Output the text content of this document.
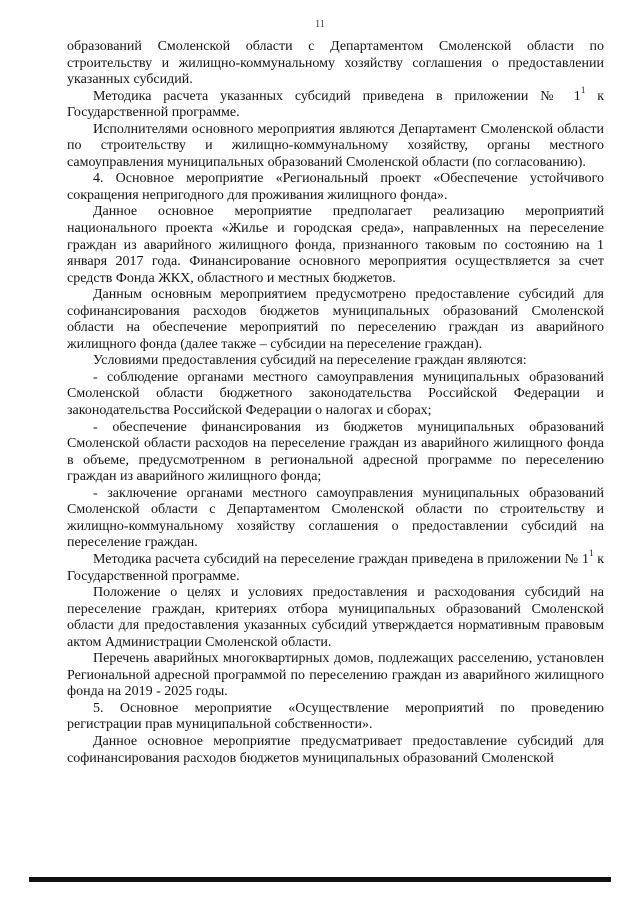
11

образований Смоленской области с Департаментом Смоленской области по строительству и жилищно-коммунальному хозяйству соглашения о предоставлении указанных субсидий.

Методика расчета указанных субсидий приведена в приложении № $1^1$ к Государственной программе.

Исполнителями основного мероприятия являются Департамент Смоленской области по строительству и жилищно-коммунальному хозяйству, органы местного самоуправления муниципальных образований Смоленской области (по согласованию).

4. Основное мероприятие «Региональный проект «Обеспечение устойчивого сокращения непригодного для проживания жилищного фонда».

Данное основное мероприятие предполагает реализацию мероприятий национального проекта «Жилье и городская среда», направленных на переселение граждан из аварийного жилищного фонда, признанного таковым по состоянию на 1 января 2017 года. Финансирование основного мероприятия осуществляется за счет средств Фонда ЖКХ, областного и местных бюджетов.

Данным основным мероприятием предусмотрено предоставление субсидий для софинансирования расходов бюджетов муниципальных образований Смоленской области на обеспечение мероприятий по переселению граждан из аварийного жилищного фонда (далее также – субсидии на переселение граждан).

Условиями предоставления субсидий на переселение граждан являются:

- соблюдение органами местного самоуправления муниципальных образований Смоленской области бюджетного законодательства Российской Федерации и законодательства Российской Федерации о налогах и сборах;

- обеспечение финансирования из бюджетов муниципальных образований Смоленской области расходов на переселение граждан из аварийного жилищного фонда в объеме, предусмотренном в региональной адресной программе по переселению граждан из аварийного жилищного фонда;

- заключение органами местного самоуправления муниципальных образований Смоленской области с Департаментом Смоленской области по строительству и жилищно-коммунальному хозяйству соглашения о предоставлении субсидий на переселение граждан.

Методика расчета субсидий на переселение граждан приведена в приложении № $1^1$ к Государственной программе.

Положение о целях и условиях предоставления и расходования субсидий на переселение граждан, критериях отбора муниципальных образований Смоленской области для предоставления указанных субсидий утверждается нормативным правовым актом Администрации Смоленской области.

Перечень аварийных многоквартирных домов, подлежащих расселению, установлен Региональной адресной программой по переселению граждан из аварийного жилищного фонда на 2019 - 2025 годы.

5. Основное мероприятие «Осуществление мероприятий по проведению регистрации прав муниципальной собственности».

Данное основное мероприятие предусматривает предоставление субсидий для софинансирования расходов бюджетов муниципальных образований Смоленской
